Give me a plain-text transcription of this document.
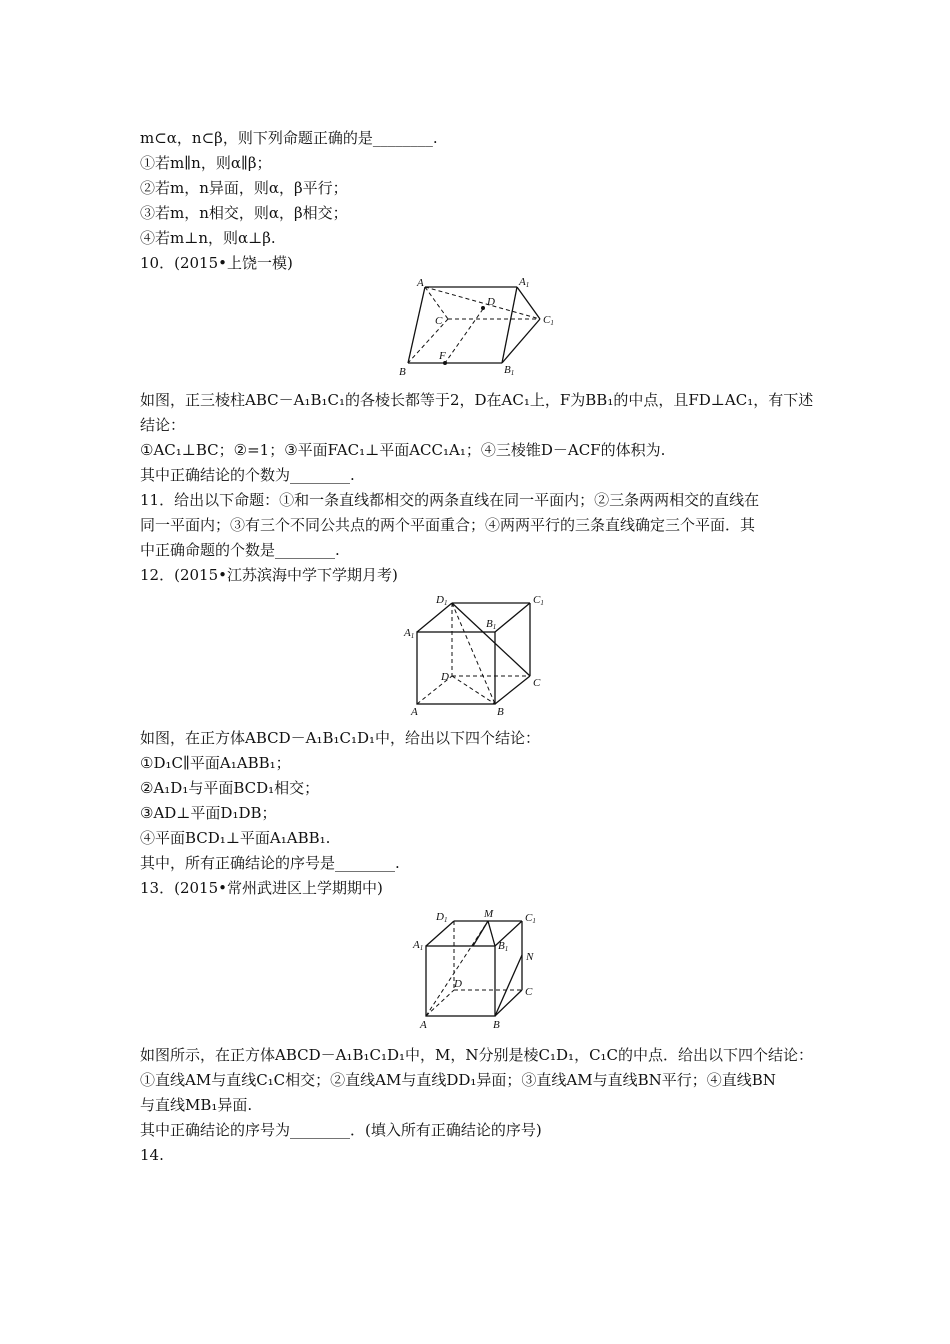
m⊂α，n⊂β，则下列命题正确的是________.
①若m∥n，则α∥β；
②若m，n异面，则α，β平行；
③若m，n相交，则α，β相交；
④若m⊥n，则α⊥β.
10．(2015•上饶一模)
A	A1
C	C1
D
F
B	B1
如图，正三棱柱ABC－A₁B₁C₁的各棱长都等于2，D在AC₁上，F为BB₁的中点，且FD⊥AC₁，有下述
结论：
①AC₁⊥BC；②=1；③平面FAC₁⊥平面ACC₁A₁；④三棱锥D－ACF的体积为.
其中正确结论的个数为________.
11．给出以下命题：①和一条直线都相交的两条直线在同一平面内；②三条两两相交的直线在
同一平面内；③有三个不同公共点的两个平面重合；④两两平行的三条直线确定三个平面．其
中正确命题的个数是________.
12．(2015•江苏滨海中学下学期月考)
D1	C1
A1
B1
D	C
A	B
如图，在正方体ABCD－A₁B₁C₁D₁中，给出以下四个结论：
①D₁C∥平面A₁ABB₁；
②A₁D₁与平面BCD₁相交；
③AD⊥平面D₁DB；
④平面BCD₁⊥平面A₁ABB₁.
其中，所有正确结论的序号是________.
13．(2015•常州武进区上学期期中)
D1	M	C1
A1	B1
N
D
C
A	B
如图所示，在正方体ABCD－A₁B₁C₁D₁中，M，N分别是棱C₁D₁，C₁C的中点．给出以下四个结论：
①直线AM与直线C₁C相交；②直线AM与直线DD₁异面；③直线AM与直线BN平行；④直线BN
与直线MB₁异面.
其中正确结论的序号为________．(填入所有正确结论的序号)
14.
